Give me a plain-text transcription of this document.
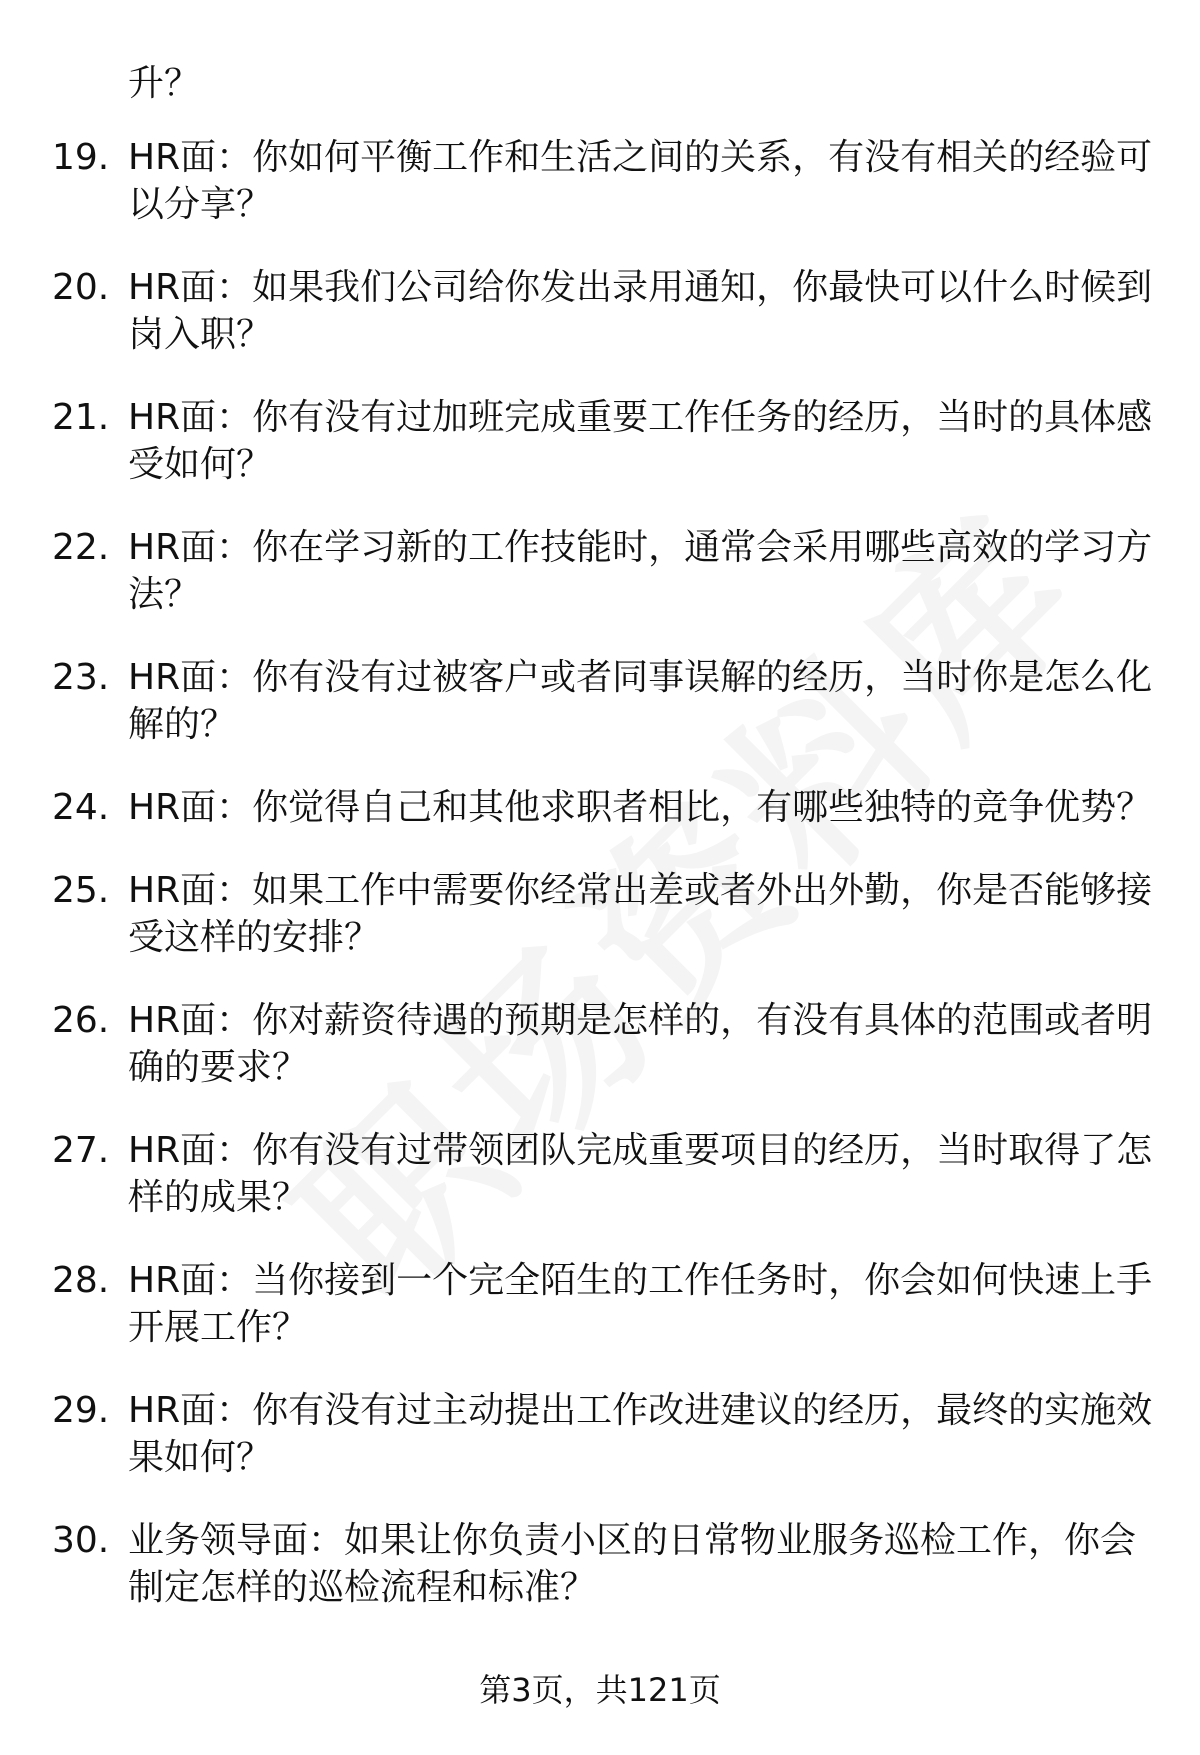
升？
19. HR面：你如何平衡工作和生活之间的关系，有没有相关的经验可以分享？
20. HR面：如果我们公司给你发出录用通知，你最快可以什么时候到岗入职？
21. HR面：你有没有过加班完成重要工作任务的经历，当时的具体感受如何？
22. HR面：你在学习新的工作技能时，通常会采用哪些高效的学习方法？
23. HR面：你有没有过被客户或者同事误解的经历，当时你是怎么化解的？
24. HR面：你觉得自己和其他求职者相比，有哪些独特的竞争优势？
25. HR面：如果工作中需要你经常出差或者外出外勤，你是否能够接受这样的安排？
26. HR面：你对薪资待遇的预期是怎样的，有没有具体的范围或者明确的要求？
27. HR面：你有没有过带领团队完成重要项目的经历，当时取得了怎样的成果？
28. HR面：当你接到一个完全陌生的工作任务时，你会如何快速上手开展工作？
29. HR面：你有没有过主动提出工作改进建议的经历，最终的实施效果如何？
30. 业务领导面：如果让你负责小区的日常物业服务巡检工作，你会制定怎样的巡检流程和标准？
第3页，共121页
